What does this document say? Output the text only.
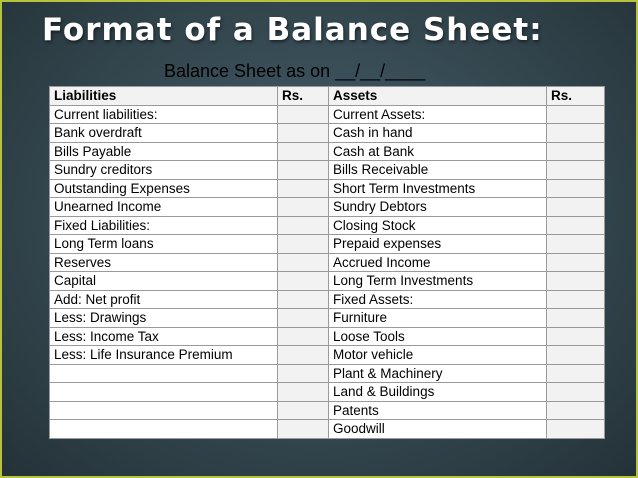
Format of a Balance Sheet:
Balance Sheet as on __/__/____
Liabilities	Rs.	Assets	Rs.
Current liabilities:		Current Assets:	
Bank overdraft		Cash in hand	
Bills Payable		Cash at Bank	
Sundry creditors		Bills Receivable	
Outstanding Expenses		Short Term Investments	
Unearned Income		Sundry Debtors	
Fixed Liabilities:		Closing Stock	
Long Term loans		Prepaid expenses	
Reserves		Accrued Income	
Capital		Long Term Investments	
Add: Net profit		Fixed Assets:	
Less: Drawings		Furniture	
Less: Income Tax		Loose Tools	
Less: Life Insurance Premium		Motor vehicle	
		Plant & Machinery	
		Land & Buildings	
		Patents	
		Goodwill	
